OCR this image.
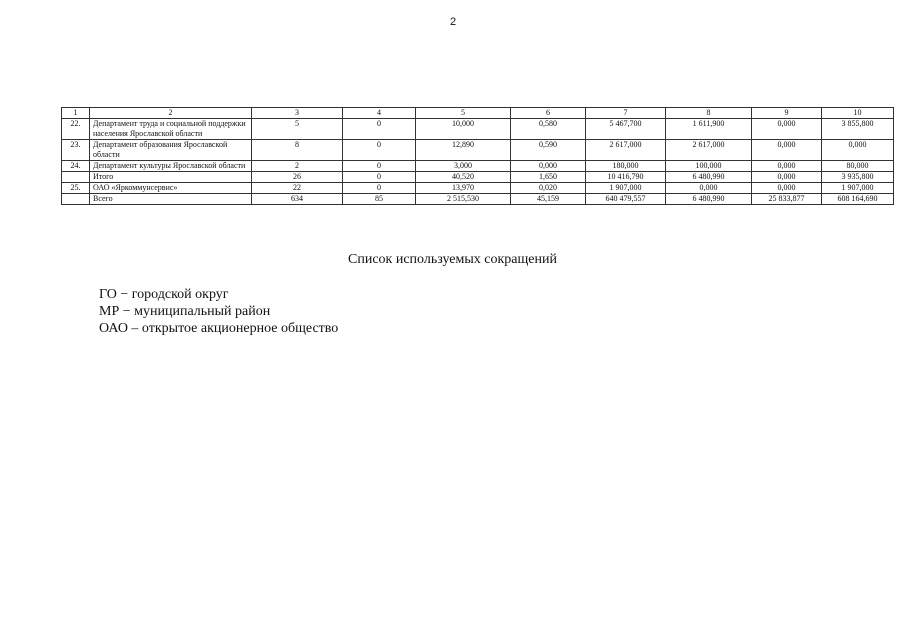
2
1	2	3	4	5	6	7	8	9	10
22.	Департамент труда и социальной поддержки населения Ярославской области	5	0	10,000	0,580	5 467,700	1 611,900	0,000	3 855,800
23.	Департамент образования Ярославской области	8	0	12,890	0,590	2 617,000	2 617,000	0,000	0,000
24.	Департамент культуры Ярославской области	2	0	3,000	0,000	180,000	100,000	0,000	80,000
	Итого	26	0	40,520	1,650	10 416,790	6 480,990	0,000	3 935,800
25.	ОАО «Яркоммунсервис»	22	0	13,970	0,020	1 907,000	0,000	0,000	1 907,000
	Всего	634	85	2 515,530	45,159	640 479,557	6 480,990	25 833,877	608 164,690
Список используемых сокращений
ГО − городской округ
МР − муниципальный район
ОАО – открытое акционерное общество
